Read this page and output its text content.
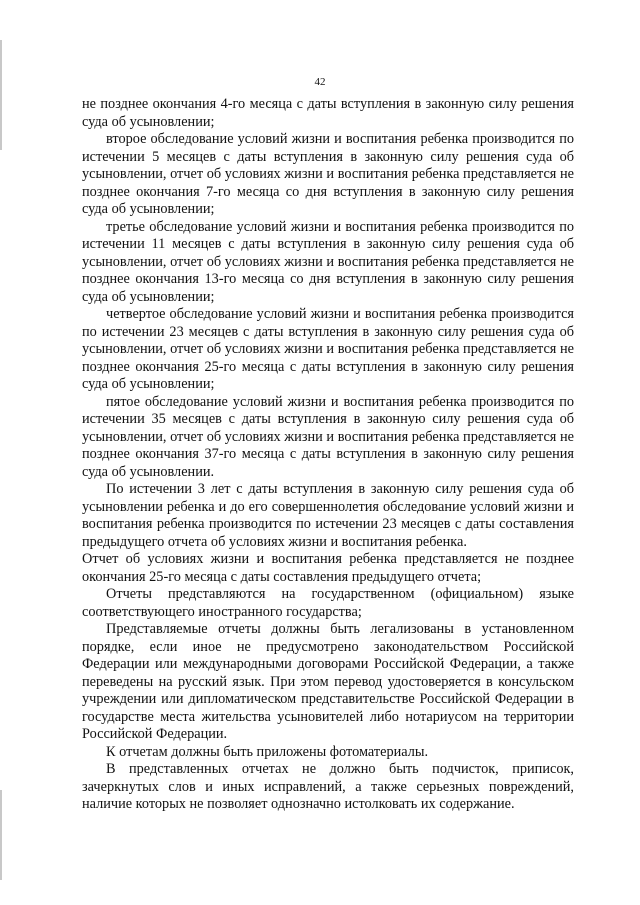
42

не позднее окончания 4-го месяца с даты вступления в законную силу решения суда об усыновлении;

второе обследование условий жизни и воспитания ребенка производится по истечении 5 месяцев с даты вступления в законную силу решения суда об усыновлении, отчет об условиях жизни и воспитания ребенка представляется не позднее окончания 7-го месяца со дня вступления в законную силу решения суда об усыновлении;

третье обследование условий жизни и воспитания ребенка производится по истечении 11 месяцев с даты вступления в законную силу решения суда об усыновлении, отчет об условиях жизни и воспитания ребенка представляется не позднее окончания 13-го месяца со дня вступления в законную силу решения суда об усыновлении;

четвертое обследование условий жизни и воспитания ребенка производится по истечении 23 месяцев с даты вступления в законную силу решения суда об усыновлении, отчет об условиях жизни и воспитания ребенка представляется не позднее окончания 25-го месяца с даты вступления в законную силу решения суда об усыновлении;

пятое обследование условий жизни и воспитания ребенка производится по истечении 35 месяцев с даты вступления в законную силу решения суда об усыновлении, отчет об условиях жизни и воспитания ребенка представляется не позднее окончания 37-го месяца с даты вступления в законную силу решения суда об усыновлении.

По истечении 3 лет с даты вступления в законную силу решения суда об усыновлении ребенка и до его совершеннолетия обследование условий жизни и воспитания ребенка производится по истечении 23 месяцев с даты составления предыдущего отчета об условиях жизни и воспитания ребенка.

Отчет об условиях жизни и воспитания ребенка представляется не позднее окончания 25-го месяца с даты составления предыдущего отчета;

Отчеты представляются на государственном (официальном) языке соответствующего иностранного государства;

Представляемые отчеты должны быть легализованы в установленном порядке, если иное не предусмотрено законодательством Российской Федерации или международными договорами Российской Федерации, а также переведены на русский язык. При этом перевод удостоверяется в консульском учреждении или дипломатическом представительстве Российской Федерации в государстве места жительства усыновителей либо нотариусом на территории Российской Федерации.

К отчетам должны быть приложены фотоматериалы.

В представленных отчетах не должно быть подчисток, приписок, зачеркнутых слов и иных исправлений, а также серьезных повреждений, наличие которых не позволяет однозначно истолковать их содержание.
